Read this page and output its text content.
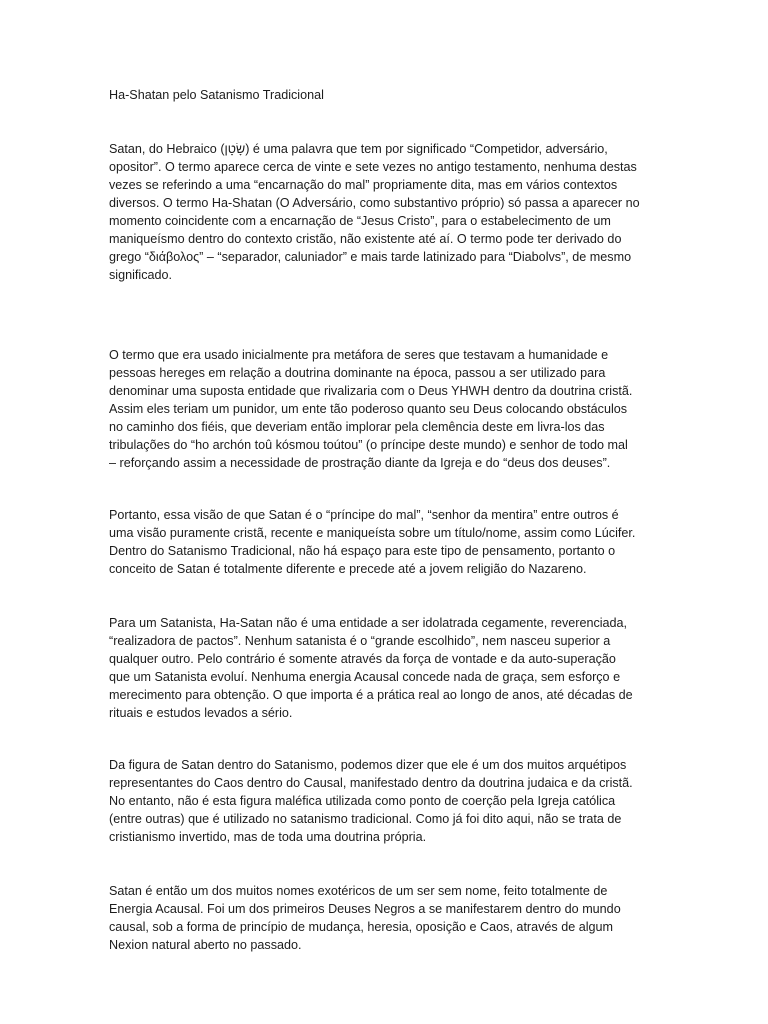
Ha-Shatan pelo Satanismo Tradicional

Satan, do Hebraico (שָׂטָן) é uma palavra que tem por significado “Competidor, adversário,
opositor”. O termo aparece cerca de vinte e sete vezes no antigo testamento, nenhuma destas
vezes se referindo a uma “encarnação do mal” propriamente dita, mas em vários contextos
diversos. O termo Ha-Shatan (O Adversário, como substantivo próprio) só passa a aparecer no
momento coincidente com a encarnação de “Jesus Cristo”, para o estabelecimento de um
maniqueísmo dentro do contexto cristão, não existente até aí. O termo pode ter derivado do
grego “διάβολος” – “separador, caluniador” e mais tarde latinizado para “Diabolvs”, de mesmo
significado.

O termo que era usado inicialmente pra metáfora de seres que testavam a humanidade e
pessoas hereges em relação a doutrina dominante na época, passou a ser utilizado para
denominar uma suposta entidade que rivalizaria com o Deus YHWH dentro da doutrina cristã.
Assim eles teriam um punidor, um ente tão poderoso quanto seu Deus colocando obstáculos
no caminho dos fiéis, que deveriam então implorar pela clemência deste em livra-los das
tribulações do “ho archón toû kósmou toútou” (o príncipe deste mundo) e senhor de todo mal
– reforçando assim a necessidade de prostração diante da Igreja e do “deus dos deuses”.

Portanto, essa visão de que Satan é o “príncipe do mal”, “senhor da mentira” entre outros é
uma visão puramente cristã, recente e maniqueísta sobre um título/nome, assim como Lúcifer.
Dentro do Satanismo Tradicional, não há espaço para este tipo de pensamento, portanto o
conceito de Satan é totalmente diferente e precede até a jovem religião do Nazareno.

Para um Satanista, Ha-Satan não é uma entidade a ser idolatrada cegamente, reverenciada,
“realizadora de pactos”. Nenhum satanista é o “grande escolhido”, nem nasceu superior a
qualquer outro. Pelo contrário é somente através da força de vontade e da auto-superação
que um Satanista evoluí. Nenhuma energia Acausal concede nada de graça, sem esforço e
merecimento para obtenção. O que importa é a prática real ao longo de anos, até décadas de
rituais e estudos levados a sério.

Da figura de Satan dentro do Satanismo, podemos dizer que ele é um dos muitos arquétipos
representantes do Caos dentro do Causal, manifestado dentro da doutrina judaica e da cristã.
No entanto, não é esta figura maléfica utilizada como ponto de coerção pela Igreja católica
(entre outras) que é utilizado no satanismo tradicional. Como já foi dito aqui, não se trata de
cristianismo invertido, mas de toda uma doutrina própria.

Satan é então um dos muitos nomes exotéricos de um ser sem nome, feito totalmente de
Energia Acausal. Foi um dos primeiros Deuses Negros a se manifestarem dentro do mundo
causal, sob a forma de princípio de mudança, heresia, oposição e Caos, através de algum
Nexion natural aberto no passado.
